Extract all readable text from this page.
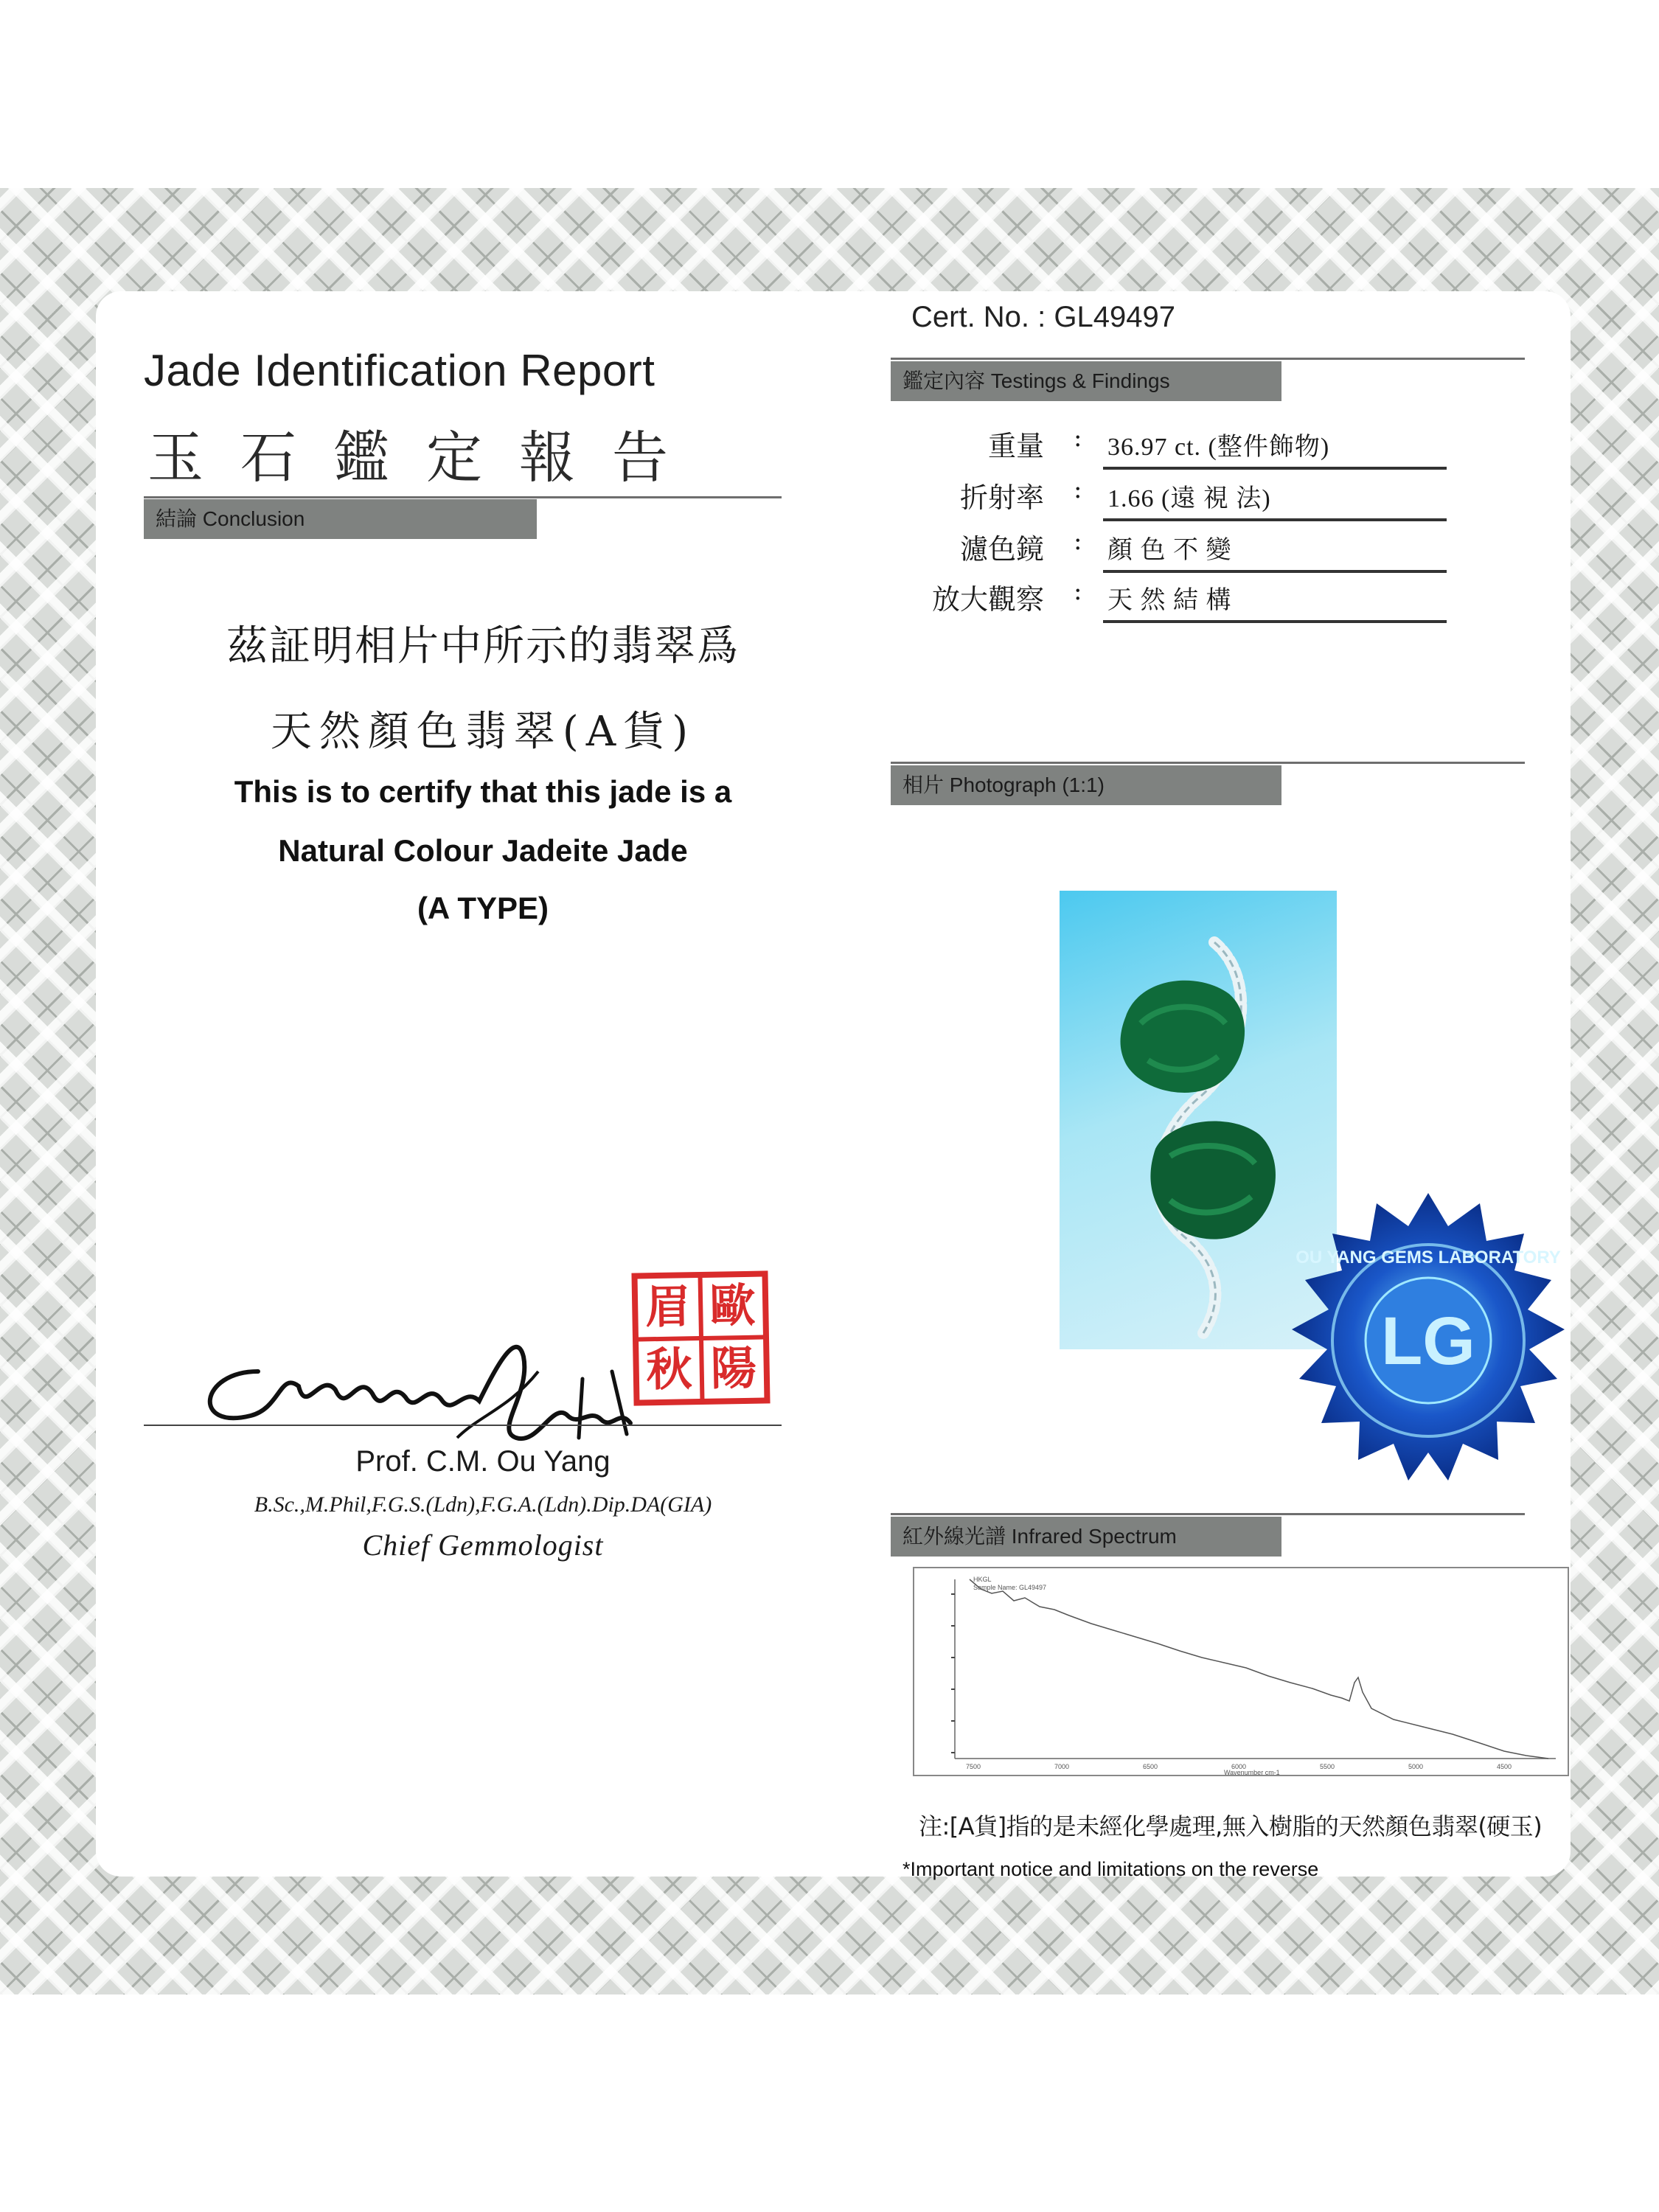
Jade Identification Report
玉石鑑定報告
結論 Conclusion
茲証明相片中所示的翡翠爲
天然顏色翡翠(A貨)
This is to certify that this jade is a
Natural Colour Jadeite Jade
(A TYPE)
眉 歐
秋 陽
Prof. C.M. Ou Yang
B.Sc.,M.Phil,F.G.S.(Ldn),F.G.A.(Ldn).Dip.DA(GIA)
Chief Gemmologist
Cert. No. : GL49497
鑑定內容 Testings & Findings
重量 : 36.97 ct. (整件飾物)
折射率 : 1.66 (遠 視 法)
濾色鏡 : 顏 色 不 變
放大觀察 : 天 然 結 構
相片 Photograph (1:1)
LG
OU YANG GEMS LABORATORY
紅外線光譜 Infrared Spectrum
HKGL
Sample Name: GL49497
7500	7000	6500	6000	5500	5000	4500
Wavenumber cm-1
注:[A貨]指的是未經化學處理,無入樹脂的天然顏色翡翠(硬玉)
*Important notice and limitations on the reverse
